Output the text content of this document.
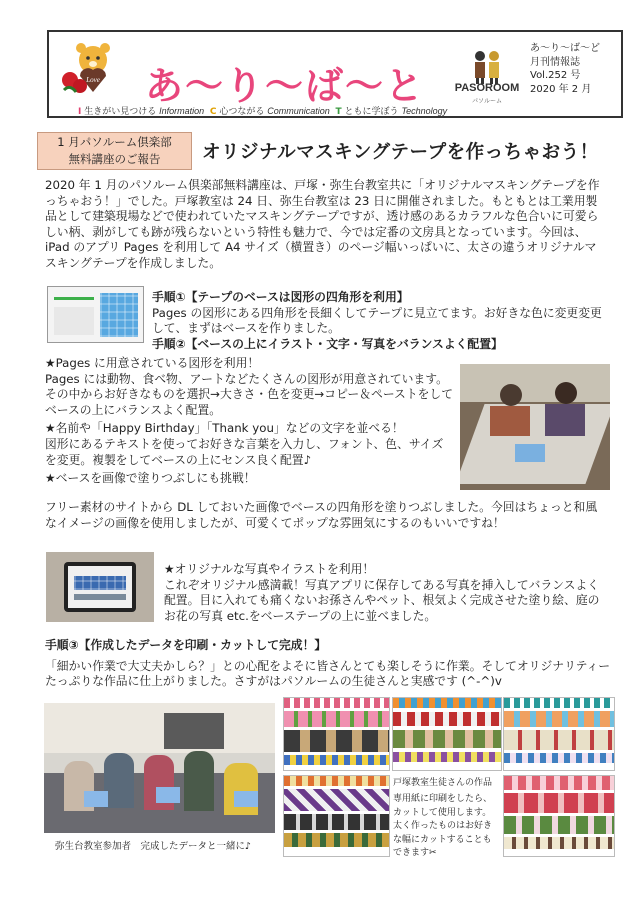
Love あ〜り〜ば〜と	PASOROOM
パソルーム
あ〜り〜ば〜ど
月刊情報誌
Vol.252 号
2020 年 2 月
I 生きがい見つける Information C 心つながる Communication T ともに学ぼう Technology
1 月パソルーム倶楽部
無料講座のご報告	オリジナルマスキングテープを作っちゃおう！
2020 年 1 月のパソルーム倶楽部無料講座は、戸塚・弥生台教室共に「オリジナルマスキングテープを作っちゃおう！」でした。戸塚教室は 24 日、弥生台教室は 23 日に開催されました。もともとは工業用製品として建築現場などで使われていたマスキングテープですが、透け感のあるカラフルな色合いに可愛らしい柄、剥がしても跡が残らないという特性も魅力で、今では定番の文房具となっています。今回は、iPad のアプリ Pages を利用して A4 サイズ（横置き）のページ幅いっぱいに、太さの違うオリジナルマスキングテープを作成しました。
手順①【テープのベースは図形の四角形を利用】
Pages の図形にある四角形を長細くしてテープに見立てます。お好きな色に変更変更して、まずはベースを作りました。
手順②【ベースの上にイラスト・文字・写真をバランスよく配置】
★Pages に用意されている図形を利用！
Pages には動物、食べ物、アートなどたくさんの図形が用意されています。その中からお好きなものを選択→大きさ・色を変更→コピー＆ペーストをしてベースの上にバランスよく配置。
★名前や「Happy Birthday」「Thank you」などの文字を並べる！
図形にあるテキストを使ってお好きな言葉を入力し、フォント、色、サイズを変更。複製をしてベースの上にセンス良く配置♪
★ベースを画像で塗りつぶしにも挑戦！
フリー素材のサイトから DL しておいた画像でベースの四角形を塗りつぶしました。今回はちょっと和風なイメージの画像を使用しましたが、可愛くてポップな雰囲気にするのもいいですね！
★オリジナルな写真やイラストを利用！
これぞオリジナル感満載！写真アプリに保存してある写真を挿入してバランスよく配置。目に入れても痛くないお孫さんやペット、根気よく完成させた塗り絵、庭のお花の写真 etc.をベーステープの上に並べました。
手順③【作成したデータを印刷・カットして完成！】
「細かい作業で大丈夫かしら？」との心配をよそに皆さんとても楽しそうに作業。そしてオリジナリティーたっぷりな作品に仕上がりました。さすがはパソルームの生徒さんと実感です (^-^)v
弥生台教室参加者　完成したデータと一緒に♪
戸塚教室生徒さんの作品
専用紙に印刷をしたら、カットして使用します。太く作ったものはお好きな幅にカットすることもできます✂
